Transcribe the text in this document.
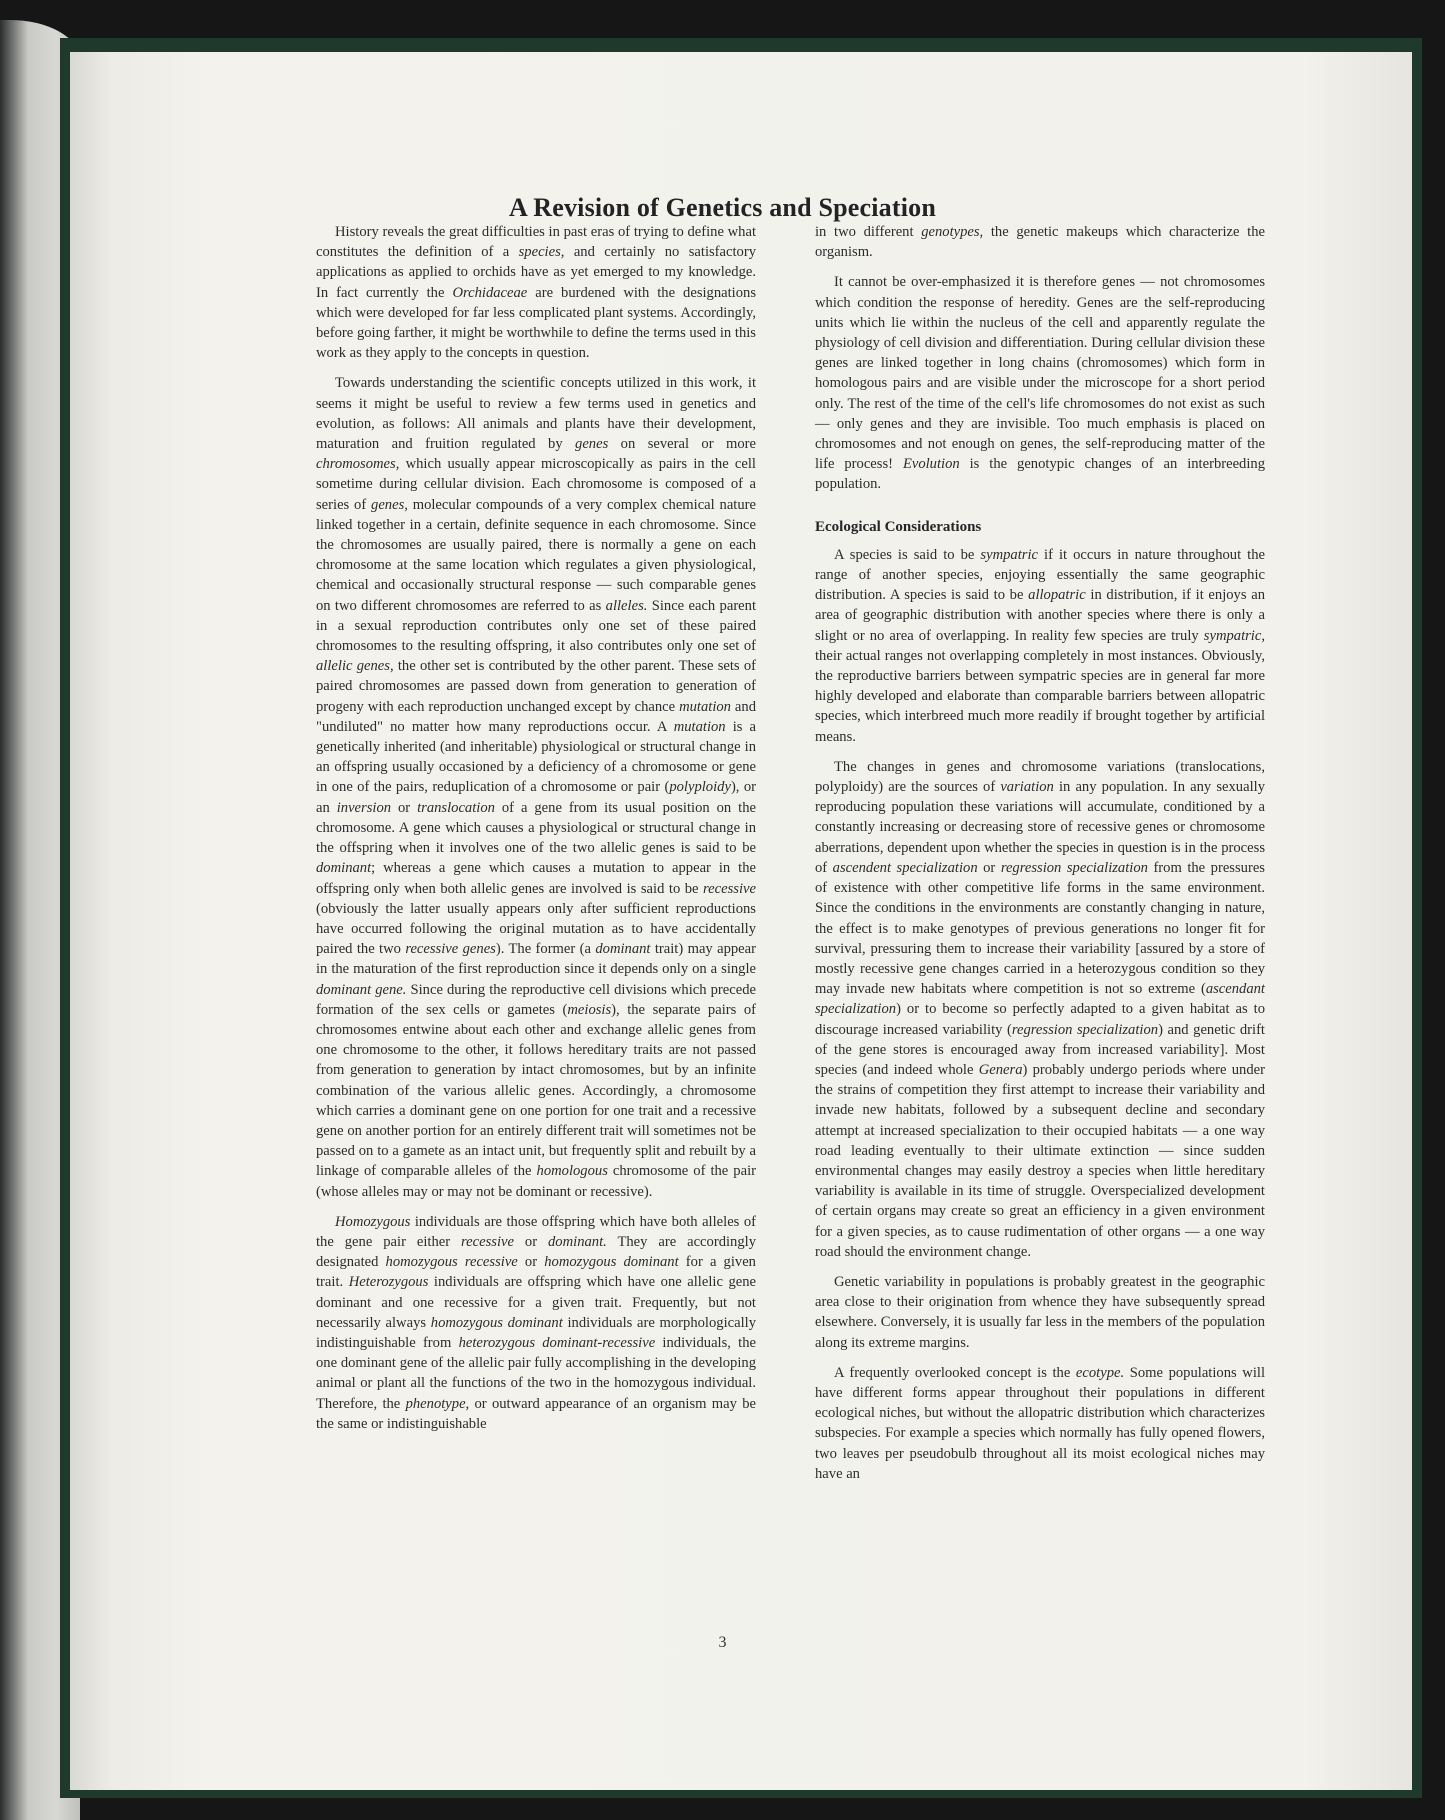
A Revision of Genetics and Speciation

History reveals the great difficulties in past eras of trying to define what constitutes the definition of a species, and certainly no satisfactory applications as applied to orchids have as yet emerged to my knowledge. In fact currently the Orchidaceae are burdened with the designations which were developed for far less complicated plant systems. Accordingly, before going farther, it might be worthwhile to define the terms used in this work as they apply to the concepts in question.

Towards understanding the scientific concepts utilized in this work, it seems it might be useful to review a few terms used in genetics and evolution, as follows: All animals and plants have their development, maturation and fruition regulated by genes on several or more chromosomes, which usually appear microscopically as pairs in the cell sometime during cellular division. Each chromosome is composed of a series of genes, molecular compounds of a very complex chemical nature linked together in a certain, definite sequence in each chromosome. Since the chromosomes are usually paired, there is normally a gene on each chromosome at the same location which regulates a given physiological, chemical and occasionally structural response — such comparable genes on two different chromosomes are referred to as alleles. Since each parent in a sexual reproduction contributes only one set of these paired chromosomes to the resulting offspring, it also contributes only one set of allelic genes, the other set is contributed by the other parent. These sets of paired chromosomes are passed down from generation to generation of progeny with each reproduction unchanged except by chance mutation and "undiluted" no matter how many reproductions occur. A mutation is a genetically inherited (and inheritable) physiological or structural change in an offspring usually occasioned by a deficiency of a chromosome or gene in one of the pairs, reduplication of a chromosome or pair (polyploidy), or an inversion or translocation of a gene from its usual position on the chromosome. A gene which causes a physiological or structural change in the offspring when it involves one of the two allelic genes is said to be dominant; whereas a gene which causes a mutation to appear in the offspring only when both allelic genes are involved is said to be recessive (obviously the latter usually appears only after sufficient reproductions have occurred following the original mutation as to have accidentally paired the two recessive genes). The former (a dominant trait) may appear in the maturation of the first reproduction since it depends only on a single dominant gene. Since during the reproductive cell divisions which precede formation of the sex cells or gametes (meiosis), the separate pairs of chromosomes entwine about each other and exchange allelic genes from one chromosome to the other, it follows hereditary traits are not passed from generation to generation by intact chromosomes, but by an infinite combination of the various allelic genes. Accordingly, a chromosome which carries a dominant gene on one portion for one trait and a recessive gene on another portion for an entirely different trait will sometimes not be passed on to a gamete as an intact unit, but frequently split and rebuilt by a linkage of comparable alleles of the homologous chromosome of the pair (whose alleles may or may not be dominant or recessive).

Homozygous individuals are those offspring which have both alleles of the gene pair either recessive or dominant. They are accordingly designated homozygous recessive or homozygous dominant for a given trait. Heterozygous individuals are offspring which have one allelic gene dominant and one recessive for a given trait. Frequently, but not necessarily always homozygous dominant individuals are morphologically indistinguishable from heterozygous dominant-recessive individuals, the one dominant gene of the allelic pair fully accomplishing in the developing animal or plant all the functions of the two in the homozygous individual. Therefore, the phenotype, or outward appearance of an organism may be the same or indistinguishable

in two different genotypes, the genetic makeups which characterize the organism.

It cannot be over-emphasized it is therefore genes — not chromosomes which condition the response of heredity. Genes are the self-reproducing units which lie within the nucleus of the cell and apparently regulate the physiology of cell division and differentiation. During cellular division these genes are linked together in long chains (chromosomes) which form in homologous pairs and are visible under the microscope for a short period only. The rest of the time of the cell's life chromosomes do not exist as such — only genes and they are invisible. Too much emphasis is placed on chromosomes and not enough on genes, the self-reproducing matter of the life process! Evolution is the genotypic changes of an interbreeding population.

Ecological Considerations

A species is said to be sympatric if it occurs in nature throughout the range of another species, enjoying essentially the same geographic distribution. A species is said to be allopatric in distribution, if it enjoys an area of geographic distribution with another species where there is only a slight or no area of overlapping. In reality few species are truly sympatric, their actual ranges not overlapping completely in most instances. Obviously, the reproductive barriers between sympatric species are in general far more highly developed and elaborate than comparable barriers between allopatric species, which interbreed much more readily if brought together by artificial means.

The changes in genes and chromosome variations (translocations, polyploidy) are the sources of variation in any population. In any sexually reproducing population these variations will accumulate, conditioned by a constantly increasing or decreasing store of recessive genes or chromosome aberrations, dependent upon whether the species in question is in the process of ascendent specialization or regression specialization from the pressures of existence with other competitive life forms in the same environment. Since the conditions in the environments are constantly changing in nature, the effect is to make genotypes of previous generations no longer fit for survival, pressuring them to increase their variability [assured by a store of mostly recessive gene changes carried in a heterozygous condition so they may invade new habitats where competition is not so extreme (ascendant specialization) or to become so perfectly adapted to a given habitat as to discourage increased variability (regression specialization) and genetic drift of the gene stores is encouraged away from increased variability]. Most species (and indeed whole Genera) probably undergo periods where under the strains of competition they first attempt to increase their variability and invade new habitats, followed by a subsequent decline and secondary attempt at increased specialization to their occupied habitats — a one way road leading eventually to their ultimate extinction — since sudden environmental changes may easily destroy a species when little hereditary variability is available in its time of struggle. Overspecialized development of certain organs may create so great an efficiency in a given environment for a given species, as to cause rudimentation of other organs — a one way road should the environment change.

Genetic variability in populations is probably greatest in the geographic area close to their origination from whence they have subsequently spread elsewhere. Conversely, it is usually far less in the members of the population along its extreme margins.

A frequently overlooked concept is the ecotype. Some populations will have different forms appear throughout their populations in different ecological niches, but without the allopatric distribution which characterizes subspecies. For example a species which normally has fully opened flowers, two leaves per pseudobulb throughout all its moist ecological niches may have an

3
